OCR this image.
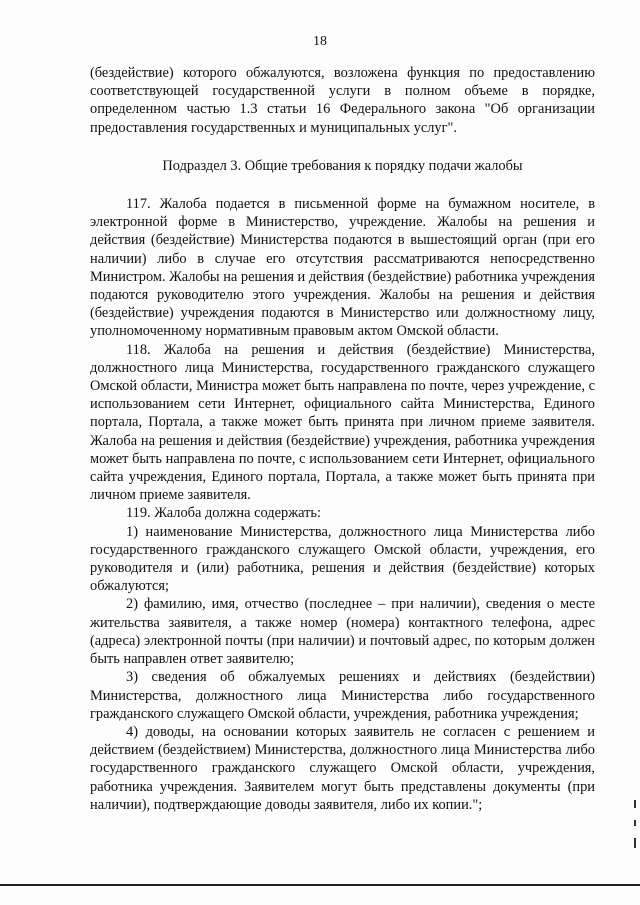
18

(бездействие) которого обжалуются, возложена функция по предоставлению соответствующей государственной услуги в полном объеме в порядке, определенном частью 1.3 статьи 16 Федерального закона "Об организации предоставления государственных и муниципальных услуг".

Подраздел 3. Общие требования к порядку подачи жалобы

117. Жалоба подается в письменной форме на бумажном носителе, в электронной форме в Министерство, учреждение. Жалобы на решения и действия (бездействие) Министерства подаются в вышестоящий орган (при его наличии) либо в случае его отсутствия рассматриваются непосредственно Министром. Жалобы на решения и действия (бездействие) работника учреждения подаются руководителю этого учреждения. Жалобы на решения и действия (бездействие) учреждения подаются в Министерство или должностному лицу, уполномоченному нормативным правовым актом Омской области.

118. Жалоба на решения и действия (бездействие) Министерства, должностного лица Министерства, государственного гражданского служащего Омской области, Министра может быть направлена по почте, через учреждение, с использованием сети Интернет, официального сайта Министерства, Единого портала, Портала, а также может быть принята при личном приеме заявителя. Жалоба на решения и действия (бездействие) учреждения, работника учреждения может быть направлена по почте, с использованием сети Интернет, официального сайта учреждения, Единого портала, Портала, а также может быть принята при личном приеме заявителя.

119. Жалоба должна содержать:

1) наименование Министерства, должностного лица Министерства либо государственного гражданского служащего Омской области, учреждения, его руководителя и (или) работника, решения и действия (бездействие) которых обжалуются;

2) фамилию, имя, отчество (последнее – при наличии), сведения о месте жительства заявителя, а также номер (номера) контактного телефона, адрес (адреса) электронной почты (при наличии) и почтовый адрес, по которым должен быть направлен ответ заявителю;

3) сведения об обжалуемых решениях и действиях (бездействии) Министерства, должностного лица Министерства либо государственного гражданского служащего Омской области, учреждения, работника учреждения;

4) доводы, на основании которых заявитель не согласен с решением и действием (бездействием) Министерства, должностного лица Министерства либо государственного гражданского служащего Омской области, учреждения, работника учреждения. Заявителем могут быть представлены документы (при наличии), подтверждающие доводы заявителя, либо их копии.";
